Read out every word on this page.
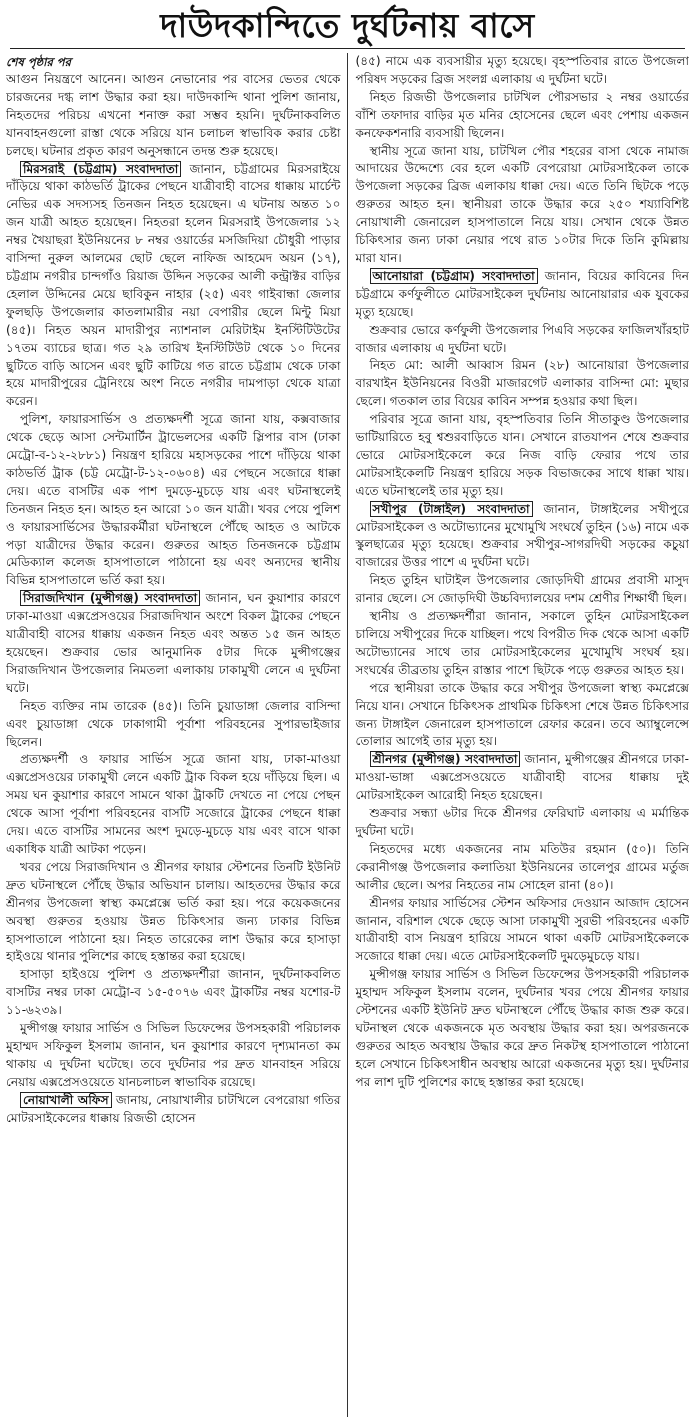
দাউদকান্দিতে দুর্ঘটনায় বাসে
শেষ পৃষ্ঠার পর

আগুন নিয়ন্ত্রণে আনেন। আগুন নেভানোর পর বাসের ভেতর থেকে চারজনের দগ্ধ লাশ উদ্ধার করা হয়। দাউদকান্দি থানা পুলিশ জানায়, নিহতদের পরিচয় এখনো শনাক্ত করা সম্ভব হয়নি। দুর্ঘটনাকবলিত যানবাহনগুলো রাস্তা থেকে সরিয়ে যান চলাচল স্বাভাবিক করার চেষ্টা চলছে। ঘটনার প্রকৃত কারণ অনুসন্ধানে তদন্ত শুরু হয়েছে।

মিরসরাই (চট্টগ্রাম) সংবাদদাতা জানান, চট্টগ্রামের মিরসরাইয়ে দাঁড়িয়ে থাকা কাঠভর্তি ট্রাকের পেছনে যাত্রীবাহী বাসের ধাক্কায় মার্চেন্ট নেভির এক সদস্যসহ তিনজন নিহত হয়েছেন। এ ঘটনায় অন্তত ১০ জন যাত্রী আহত হয়েছেন। নিহতরা হলেন মিরসরাই উপজেলার ১২ নম্বর খৈয়াছরা ইউনিয়নের ৮ নম্বর ওয়ার্ডের মসজিদিয়া চৌধুরী পাড়ার বাসিন্দা নুরুল আলমের ছোট ছেলে নাফিজ আহমেদ অয়ন (১৭), চট্টগ্রাম নগরীর চান্দগাঁও রিয়াজ উদ্দিন সড়কের আলী কন্ট্রাক্টর বাড়ির হেলাল উদ্দিনের মেয়ে ছাবিকুন নাহার (২৫) এবং গাইবান্ধা জেলার ফুলছড়ি উপজেলার কাতলামারীর নয়া বেপারীর ছেলে মিন্টু মিয়া (৪৫)। নিহত অয়ন মাদারীপুর ন্যাশনাল মেরিটাইম ইনস্টিটিউটের ১৭তম ব্যাচের ছাত্র। গত ২৯ তারিখ ইনস্টিটিউট থেকে ১০ দিনের ছুটিতে বাড়ি আসেন এবং ছুটি কাটিয়ে গত রাতে চট্টগ্রাম থেকে ঢাকা হয়ে মাদারীপুরের ট্রেনিংয়ে অংশ নিতে নগরীর দামপাড়া থেকে যাত্রা করেন।

পুলিশ, ফায়ারসার্ভিস ও প্রত্যক্ষদর্শী সূত্রে জানা যায়, কক্সবাজার থেকে ছেড়ে আসা সেন্টমার্টিন ট্রাভেলসের একটি স্লিপার বাস (ঢাকা মেট্রো-ব-১২-২৮৮১) নিয়ন্ত্রণ হারিয়ে মহাসড়কের পাশে দাঁড়িয়ে থাকা কাঠভর্তি ট্রাক (চট্ট মেট্রো-ট-১২-০৬০৪) এর পেছনে সজোরে ধাক্কা দেয়। এতে বাসটির এক পাশ দুমড়ে-মুচড়ে যায় এবং ঘটনাস্থলেই তিনজন নিহত হন। আহত হন আরো ১০ জন যাত্রী। খবর পেয়ে পুলিশ ও ফায়ারসার্ভিসের উদ্ধারকর্মীরা ঘটনাস্থলে পৌঁছে আহত ও আটকে পড়া যাত্রীদের উদ্ধার করেন। গুরুতর আহত তিনজনকে চট্টগ্রাম মেডিক্যাল কলেজ হাসপাতালে পাঠানো হয় এবং অন্যদের স্থানীয় বিভিন্ন হাসপাতালে ভর্তি করা হয়।

সিরাজদিখান (মুন্সীগঞ্জ) সংবাদদাতা জানান, ঘন কুয়াশার কারণে ঢাকা-মাওয়া এক্সপ্রেসওয়ের সিরাজদিখান অংশে বিকল ট্রাকের পেছনে যাত্রীবাহী বাসের ধাক্কায় একজন নিহত এবং অন্তত ১৫ জন আহত হয়েছেন। শুক্রবার ভোর আনুমানিক ৫টার দিকে মুন্সীগঞ্জের সিরাজদিখান উপজেলার নিমতলা এলাকায় ঢাকামুখী লেনে এ দুর্ঘটনা ঘটে।

নিহত ব্যক্তির নাম তারেক (৪৫)। তিনি চুয়াডাঙ্গা জেলার বাসিন্দা এবং চুয়াডাঙ্গা থেকে ঢাকাগামী পূর্বাশা পরিবহনের সুপারভাইজার ছিলেন।

প্রত্যক্ষদর্শী ও ফায়ার সার্ভিস সূত্রে জানা যায়, ঢাকা-মাওয়া এক্সপ্রেসওয়ের ঢাকামুখী লেনে একটি ট্রাক বিকল হয়ে দাঁড়িয়ে ছিল। এ সময় ঘন কুয়াশার কারণে সামনে থাকা ট্রাকটি দেখতে না পেয়ে পেছন থেকে আসা পূর্বাশা পরিবহনের বাসটি সজোরে ট্রাকের পেছনে ধাক্কা দেয়। এতে বাসটির সামনের অংশ দুমড়ে-মুচড়ে যায় এবং বাসে থাকা একাধিক যাত্রী আটকা পড়েন।

খবর পেয়ে সিরাজদিখান ও শ্রীনগর ফায়ার স্টেশনের তিনটি ইউনিট দ্রুত ঘটনাস্থলে পৌঁছে উদ্ধার অভিযান চালায়। আহতদের উদ্ধার করে শ্রীনগর উপজেলা স্বাস্থ্য কমপ্লেক্সে ভর্তি করা হয়। পরে কয়েকজনের অবস্থা গুরুতর হওয়ায় উন্নত চিকিৎসার জন্য ঢাকার বিভিন্ন হাসপাতালে পাঠানো হয়। নিহত তারেকের লাশ উদ্ধার করে হাসাড়া হাইওয়ে থানার পুলিশের কাছে হস্তান্তর করা হয়েছে।

হাসাড়া হাইওয়ে পুলিশ ও প্রত্যক্ষদর্শীরা জানান, দুর্ঘটনাকবলিত বাসটির নম্বর ঢাকা মেট্রো-ব ১৫-৫০৭৬ এবং ট্রাকটির নম্বর যশোর-ট ১১-৬২৩৯।

মুন্সীগঞ্জ ফায়ার সার্ভিস ও সিভিল ডিফেন্সের উপসহকারী পরিচালক মুহাম্মদ সফিকুল ইসলাম জানান, ঘন কুয়াশার কারণে দৃশ্যমানতা কম থাকায় এ দুর্ঘটনা ঘটেছে। তবে দুর্ঘটনার পর দ্রুত যানবাহন সরিয়ে নেয়ায় এক্সপ্রেসওয়েতে যানচলাচল স্বাভাবিক রয়েছে।

নোয়াখালী অফিস জানায়, নোয়াখালীর চাটখিলে বেপরোয়া গতির মোটরসাইকেলের ধাক্কায় রিজভী হোসেন

(৪৫) নামে এক ব্যবসায়ীর মৃত্যু হয়েছে। বৃহস্পতিবার রাতে উপজেলা পরিষদ সড়কের ব্রিজ সংলগ্ন এলাকায় এ দুর্ঘটনা ঘটে।

নিহত রিজভী উপজেলার চাটখিল পৌরসভার ২ নম্বর ওয়ার্ডের বাঁশি তফাদার বাড়ির মৃত মনির হোসেনের ছেলে এবং পেশায় একজন কনফেকশনারি ব্যবসায়ী ছিলেন।

স্থানীয় সূত্রে জানা যায়, চাটখিল পৌর শহরের বাসা থেকে নামাজ আদায়ের উদ্দেশ্যে বের হলে একটি বেপরোয়া মোটরসাইকেল তাকে উপজেলা সড়কের ব্রিজ এলাকায় ধাক্কা দেয়। এতে তিনি ছিটকে পড়ে গুরুতর আহত হন। স্থানীয়রা তাকে উদ্ধার করে ২৫০ শয্যাবিশিষ্ট নোয়াখালী জেনারেল হাসপাতালে নিয়ে যায়। সেখান থেকে উন্নত চিকিৎসার জন্য ঢাকা নেয়ার পথে রাত ১০টার দিকে তিনি কুমিল্লায় মারা যান।

আনোয়ারা (চট্টগ্রাম) সংবাদদাতা জানান, বিয়ের কাবিনের দিন চট্টগ্রামে কর্ণফুলীতে মোটরসাইকেল দুর্ঘটনায় আনোয়ারার এক যুবকের মৃত্যু হয়েছে।

শুক্রবার ভোরে কর্ণফুলী উপজেলার পিএবি সড়কের ফাজিলখাঁরহাট বাজার এলাকায় এ দুর্ঘটনা ঘটে।

নিহত মো: আলী আব্বাস রিমন (২৮) আনোয়ারা উপজেলার বারখাইন ইউনিয়নের বিওরী মাজারগেট এলাকার বাসিন্দা মো: মুছার ছেলে। গতকাল তার বিয়ের কাবিন সম্পন্ন হওয়ার কথা ছিল।

পরিবার সূত্রে জানা যায়, বৃহস্পতিবার তিনি সীতাকুণ্ড উপজেলার ভাটিয়ারিতে হবু শ্বশুরবাড়িতে যান। সেখানে রাতযাপন শেষে শুক্রবার ভোরে মোটরসাইকেলে করে নিজ বাড়ি ফেরার পথে তার মোটরসাইকেলটি নিয়ন্ত্রণ হারিয়ে সড়ক বিভাজকের সাথে ধাক্কা খায়। এতে ঘটনাস্থলেই তার মৃত্যু হয়।

সখীপুর (টাঙ্গাইল) সংবাদদাতা জানান, টাঙ্গাইলের সখীপুরে মোটরসাইকেল ও অটোভ্যানের মুখোমুখি সংঘর্ষে তুহিন (১৬) নামে এক স্কুলছাত্রের মৃত্যু হয়েছে। শুক্রবার সখীপুর-সাগরদিঘী সড়কের কচুয়া বাজারের উত্তর পাশে এ দুর্ঘটনা ঘটে।

নিহত তুহিন ঘাটাইল উপজেলার জোড়দিঘী গ্রামের প্রবাসী মাসুদ রানার ছেলে। সে জোড়দিঘী উচ্চবিদ্যালয়ের দশম শ্রেণীর শিক্ষার্থী ছিল।

স্থানীয় ও প্রত্যক্ষদর্শীরা জানান, সকালে তুহিন মোটরসাইকেল চালিয়ে সখীপুরের দিকে যাচ্ছিল। পথে বিপরীত দিক থেকে আসা একটি অটোভ্যানের সাথে তার মোটরসাইকেলের মুখোমুখি সংঘর্ষ হয়। সংঘর্ষের তীব্রতায় তুহিন রাস্তার পাশে ছিটকে পড়ে গুরুতর আহত হয়।

পরে স্থানীয়রা তাকে উদ্ধার করে সখীপুর উপজেলা স্বাস্থ্য কমপ্লেক্সে নিয়ে যান। সেখানে চিকিৎসক প্রাথমিক চিকিৎসা শেষে উন্নত চিকিৎসার জন্য টাঙ্গাইল জেনারেল হাসপাতালে রেফার করেন। তবে অ্যাম্বুলেন্সে তোলার আগেই তার মৃত্যু হয়।

শ্রীনগর (মুন্সীগঞ্জ) সংবাদদাতা জানান, মুন্সীগঞ্জের শ্রীনগরে ঢাকা-মাওয়া-ভাঙ্গা এক্সপ্রেসওয়েতে যাত্রীবাহী বাসের ধাক্কায় দুই মোটরসাইকেল আরোহী নিহত হয়েছেন।

শুক্রবার সন্ধ্যা ৬টার দিকে শ্রীনগর ফেরিঘাট এলাকায় এ মর্মান্তিক দুর্ঘটনা ঘটে।

নিহতদের মধ্যে একজনের নাম মতিউর রহমান (৫০)। তিনি কেরানীগঞ্জ উপজেলার কলাতিয়া ইউনিয়নের তালেপুর গ্রামের মর্তুজ আলীর ছেলে। অপর নিহতের নাম সোহেল রানা (৪০)।

শ্রীনগর ফায়ার সার্ভিসের স্টেশন অফিসার দেওয়ান আজাদ হোসেন জানান, বরিশাল থেকে ছেড়ে আসা ঢাকামুখী সুরভী পরিবহনের একটি যাত্রীবাহী বাস নিয়ন্ত্রণ হারিয়ে সামনে থাকা একটি মোটরসাইকেলকে সজোরে ধাক্কা দেয়। এতে মোটরসাইকেলটি দুমড়েমুচড়ে যায়।

মুন্সীগঞ্জ ফায়ার সার্ভিস ও সিভিল ডিফেন্সের উপসহকারী পরিচালক মুহাম্মদ সফিকুল ইসলাম বলেন, দুর্ঘটনার খবর পেয়ে শ্রীনগর ফায়ার স্টেশনের একটি ইউনিট দ্রুত ঘটনাস্থলে পৌঁছে উদ্ধার কাজ শুরু করে। ঘটনাস্থল থেকে একজনকে মৃত অবস্থায় উদ্ধার করা হয়। অপরজনকে গুরুতর আহত অবস্থায় উদ্ধার করে দ্রুত নিকটস্থ হাসপাতালে পাঠানো হলে সেখানে চিকিৎসাধীন অবস্থায় আরো একজনের মৃত্যু হয়। দুর্ঘটনার পর লাশ দুটি পুলিশের কাছে হস্তান্তর করা হয়েছে।
